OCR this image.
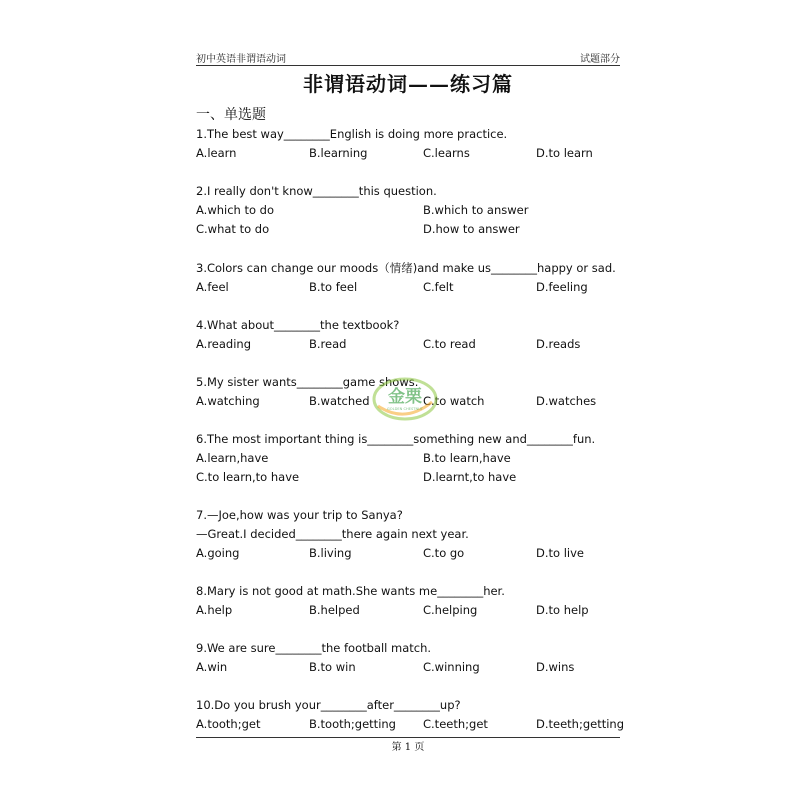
初中英语非谓语动词	试题部分
非谓语动词——练习篇
一、单选题
1.The best way________English is doing more practice.
A.learn	B.learning	C.learns	D.to learn
2.I really don't know________this question.
A.which to do	B.which to answer
C.what to do	D.how to answer
3.Colors can change our moods（情绪)and make us________happy or sad.
A.feel	B.to feel	C.felt	D.feeling
4.What about________the textbook?
A.reading	B.read	C.to read	D.reads
5.My sister wants________game shows.
A.watching	B.watched	C.to watch	D.watches
6.The most important thing is________something new and________fun.
A.learn,have	B.to learn,have
C.to learn,to have	D.learnt,to have
7.—Joe,how was your trip to Sanya?
—Great.I decided________there again next year.
A.going	B.living	C.to go	D.to live
8.Mary is not good at math.She wants me________her.
A.help	B.helped	C.helping	D.to help
9.We are sure________the football match.
A.win	B.to win	C.winning	D.wins
10.Do you brush your________after________up?
A.tooth;get	B.tooth;getting C.teeth;get	D.teeth;getting
第 1 页
金栗
GOLDEN CHESTNUT
